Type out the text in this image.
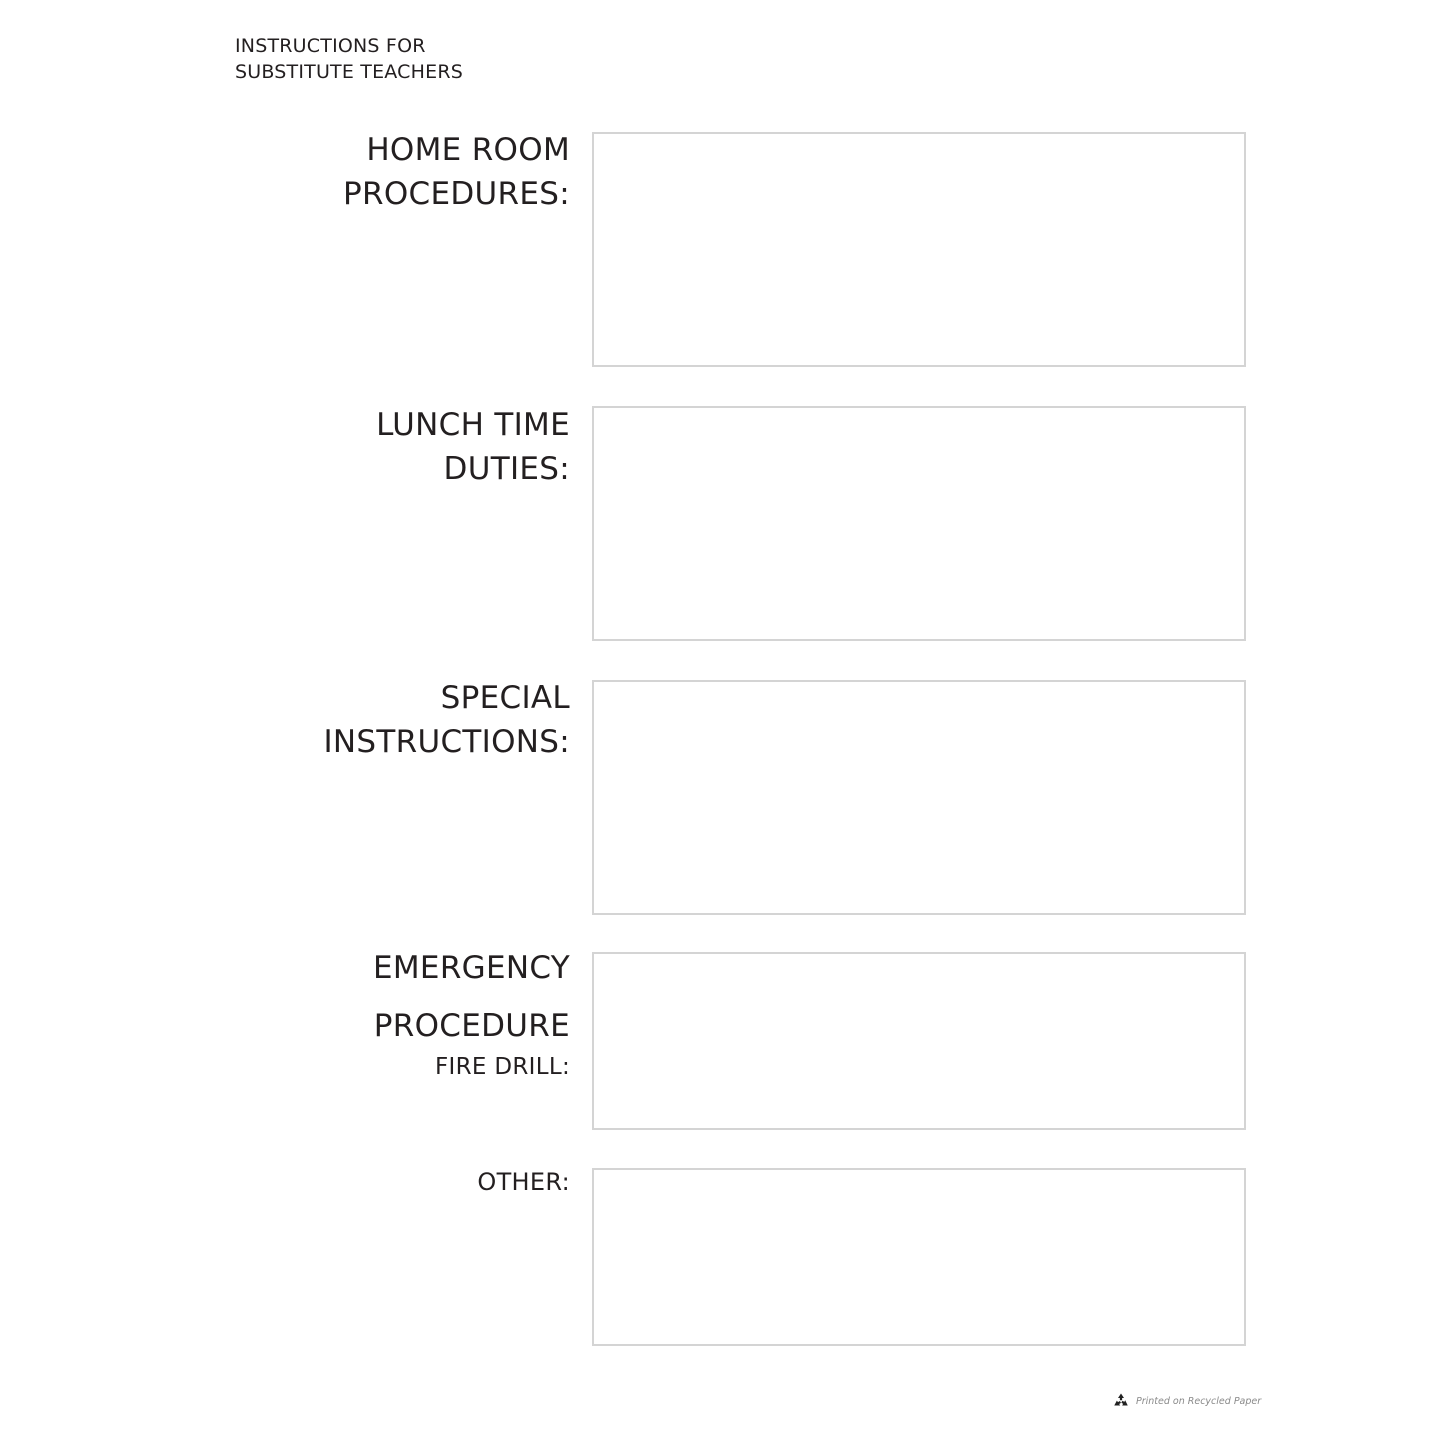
INSTRUCTIONS FOR
SUBSTITUTE TEACHERS
HOME ROOM
PROCEDURES:
LUNCH TIME
DUTIES:
SPECIAL
INSTRUCTIONS:
EMERGENCY
PROCEDURE
FIRE DRILL:
OTHER:
Printed on Recycled Paper
